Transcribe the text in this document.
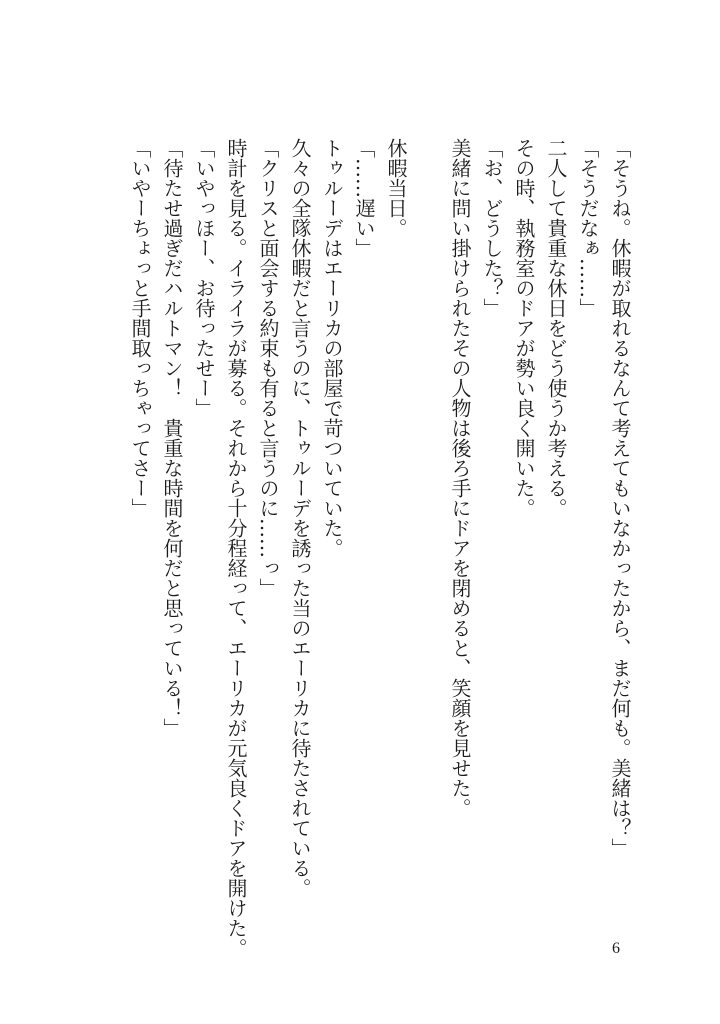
「そうね。休暇が取れるなんて考えてもいなかったから、まだ何も。美緒は？」
「そうだなぁ……」
二人して貴重な休日をどう使うか考える。
その時、執務室のドアが勢い良く開いた。
「お、どうした？」
美緒に問い掛けられたその人物は後ろ手にドアを閉めると、笑顔を見せた。
休暇当日。
「……遅い」
トゥルーデはエーリカの部屋で苛ついていた。
久々の全隊休暇だと言うのに、トゥルーデを誘った当のエーリカに待たされている。
「クリスと面会する約束も有ると言うのに……っ」
時計を見る。イライラが募る。それから十分程経って、エーリカが元気良くドアを開けた。
「いやっほー、お待ったせー」
「待たせ過ぎだハルトマン！　貴重な時間を何だと思っている！」
「いやーちょっと手間取っちゃってさー」
6
